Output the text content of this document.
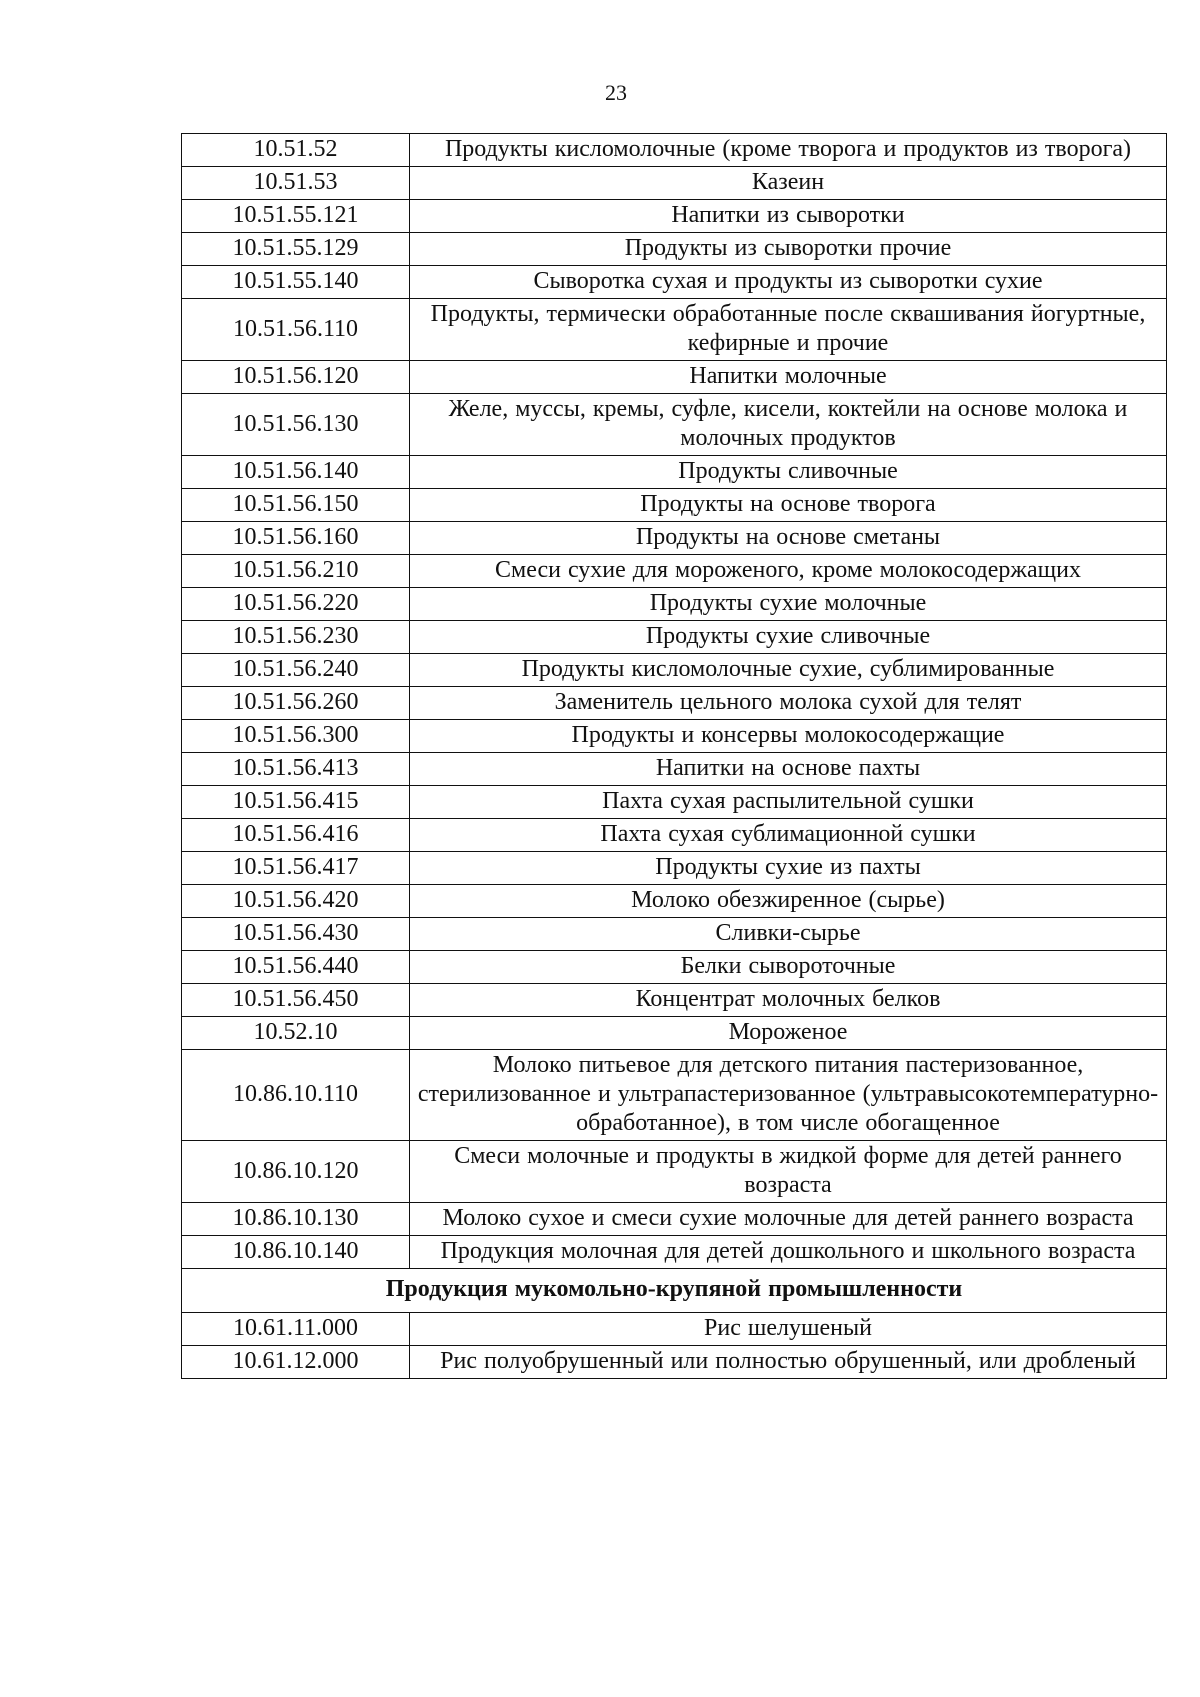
23
10.51.52	Продукты кисломолочные (кроме творога и продуктов из творога)
10.51.53	Казеин
10.51.55.121	Напитки из сыворотки
10.51.55.129	Продукты из сыворотки прочие
10.51.55.140	Сыворотка сухая и продукты из сыворотки сухие
10.51.56.110	Продукты, термически обработанные после сквашивания йогуртные, кефирные и прочие
10.51.56.120	Напитки молочные
10.51.56.130	Желе, муссы, кремы, суфле, кисели, коктейли на основе молока и молочных продуктов
10.51.56.140	Продукты сливочные
10.51.56.150	Продукты на основе творога
10.51.56.160	Продукты на основе сметаны
10.51.56.210	Смеси сухие для мороженого, кроме молокосодержащих
10.51.56.220	Продукты сухие молочные
10.51.56.230	Продукты сухие сливочные
10.51.56.240	Продукты кисломолочные сухие, сублимированные
10.51.56.260	Заменитель цельного молока сухой для телят
10.51.56.300	Продукты и консервы молокосодержащие
10.51.56.413	Напитки на основе пахты
10.51.56.415	Пахта сухая распылительной сушки
10.51.56.416	Пахта сухая сублимационной сушки
10.51.56.417	Продукты сухие из пахты
10.51.56.420	Молоко обезжиренное (сырье)
10.51.56.430	Сливки-сырье
10.51.56.440	Белки сывороточные
10.51.56.450	Концентрат молочных белков
10.52.10	Мороженое
10.86.10.110	Молоко питьевое для детского питания пастеризованное, стерилизованное и ультрапастеризованное (ультравысокотемпературно-обработанное), в том числе обогащенное
10.86.10.120	Смеси молочные и продукты в жидкой форме для детей раннего возраста
10.86.10.130	Молоко сухое и смеси сухие молочные для детей раннего возраста
10.86.10.140	Продукция молочная для детей дошкольного и школьного возраста
Продукция мукомольно-крупяной промышленности	
10.61.11.000	Рис шелушеный
10.61.12.000	Рис полуобрушенный или полностью обрушенный, или дробленый
